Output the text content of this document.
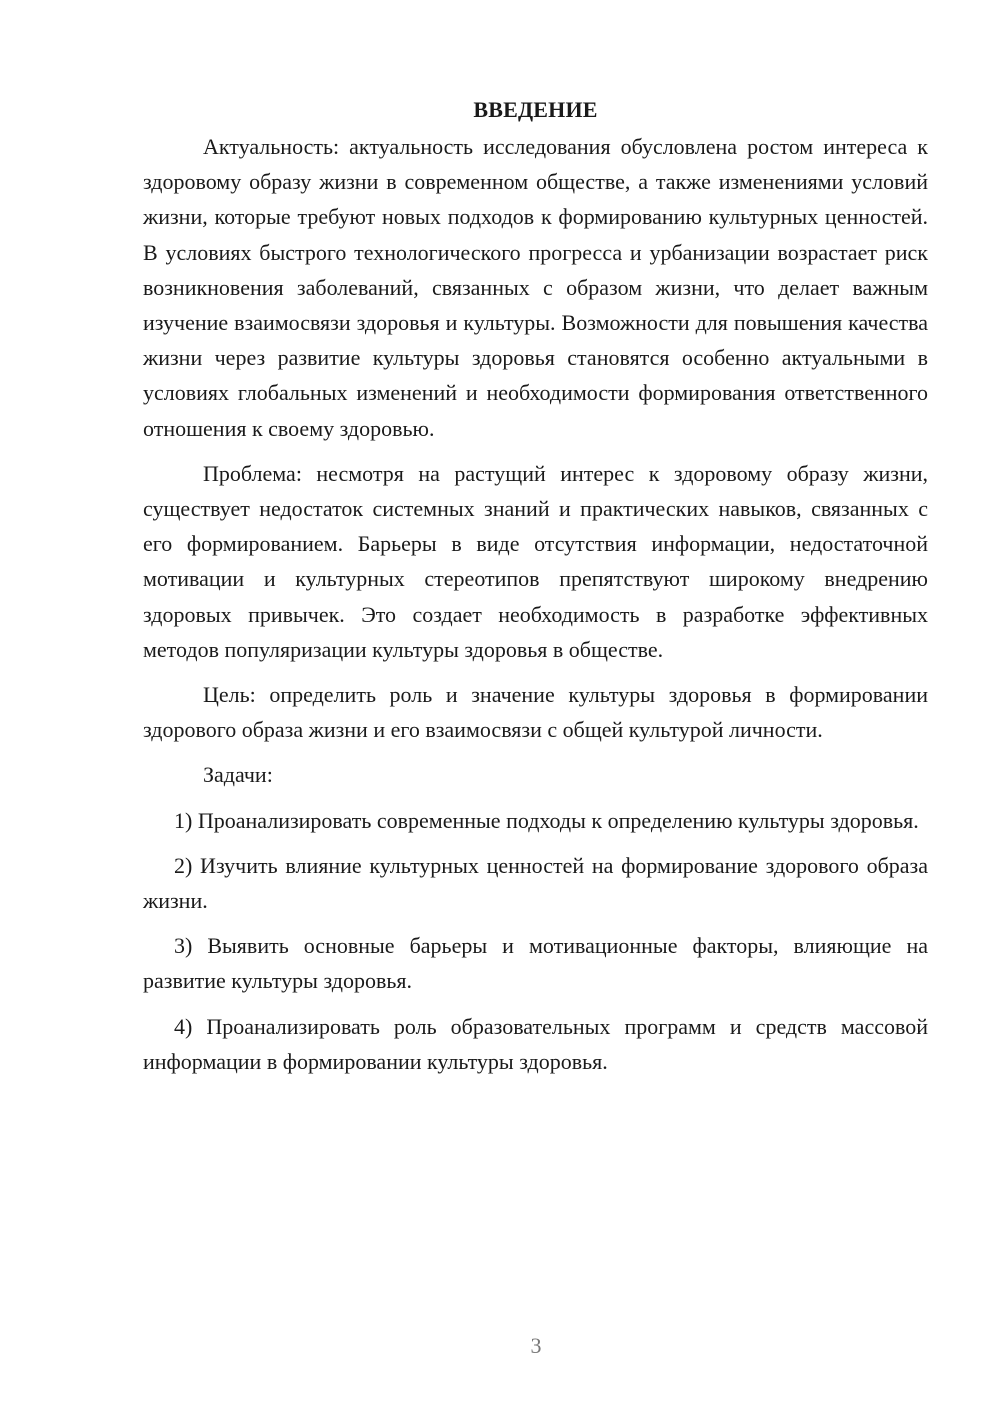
ВВЕДЕНИЕ

Актуальность: актуальность исследования обусловлена ростом интереса к здоровому образу жизни в современном обществе, а также изменениями условий жизни, которые требуют новых подходов к формированию культурных ценностей. В условиях быстрого технологического прогресса и урбанизации возрастает риск возникновения заболеваний, связанных с образом жизни, что делает важным изучение взаимосвязи здоровья и культуры. Возможности для повышения качества жизни через развитие культуры здоровья становятся особенно актуальными в условиях глобальных изменений и необходимости формирования ответственного отношения к своему здоровью.

Проблема: несмотря на растущий интерес к здоровому образу жизни, существует недостаток системных знаний и практических навыков, связанных с его формированием. Барьеры в виде отсутствия информации, недостаточной мотивации и культурных стереотипов препятствуют широкому внедрению здоровых привычек. Это создает необходимость в разработке эффективных методов популяризации культуры здоровья в обществе.

Цель: определить роль и значение культуры здоровья в формировании здорового образа жизни и его взаимосвязи с общей культурой личности.

Задачи:

1) Проанализировать современные подходы к определению культуры здоровья.

2) Изучить влияние культурных ценностей на формирование здорового образа жизни.

3) Выявить основные барьеры и мотивационные факторы, влияющие на развитие культуры здоровья.

4) Проанализировать роль образовательных программ и средств массовой информации в формировании культуры здоровья.

3
